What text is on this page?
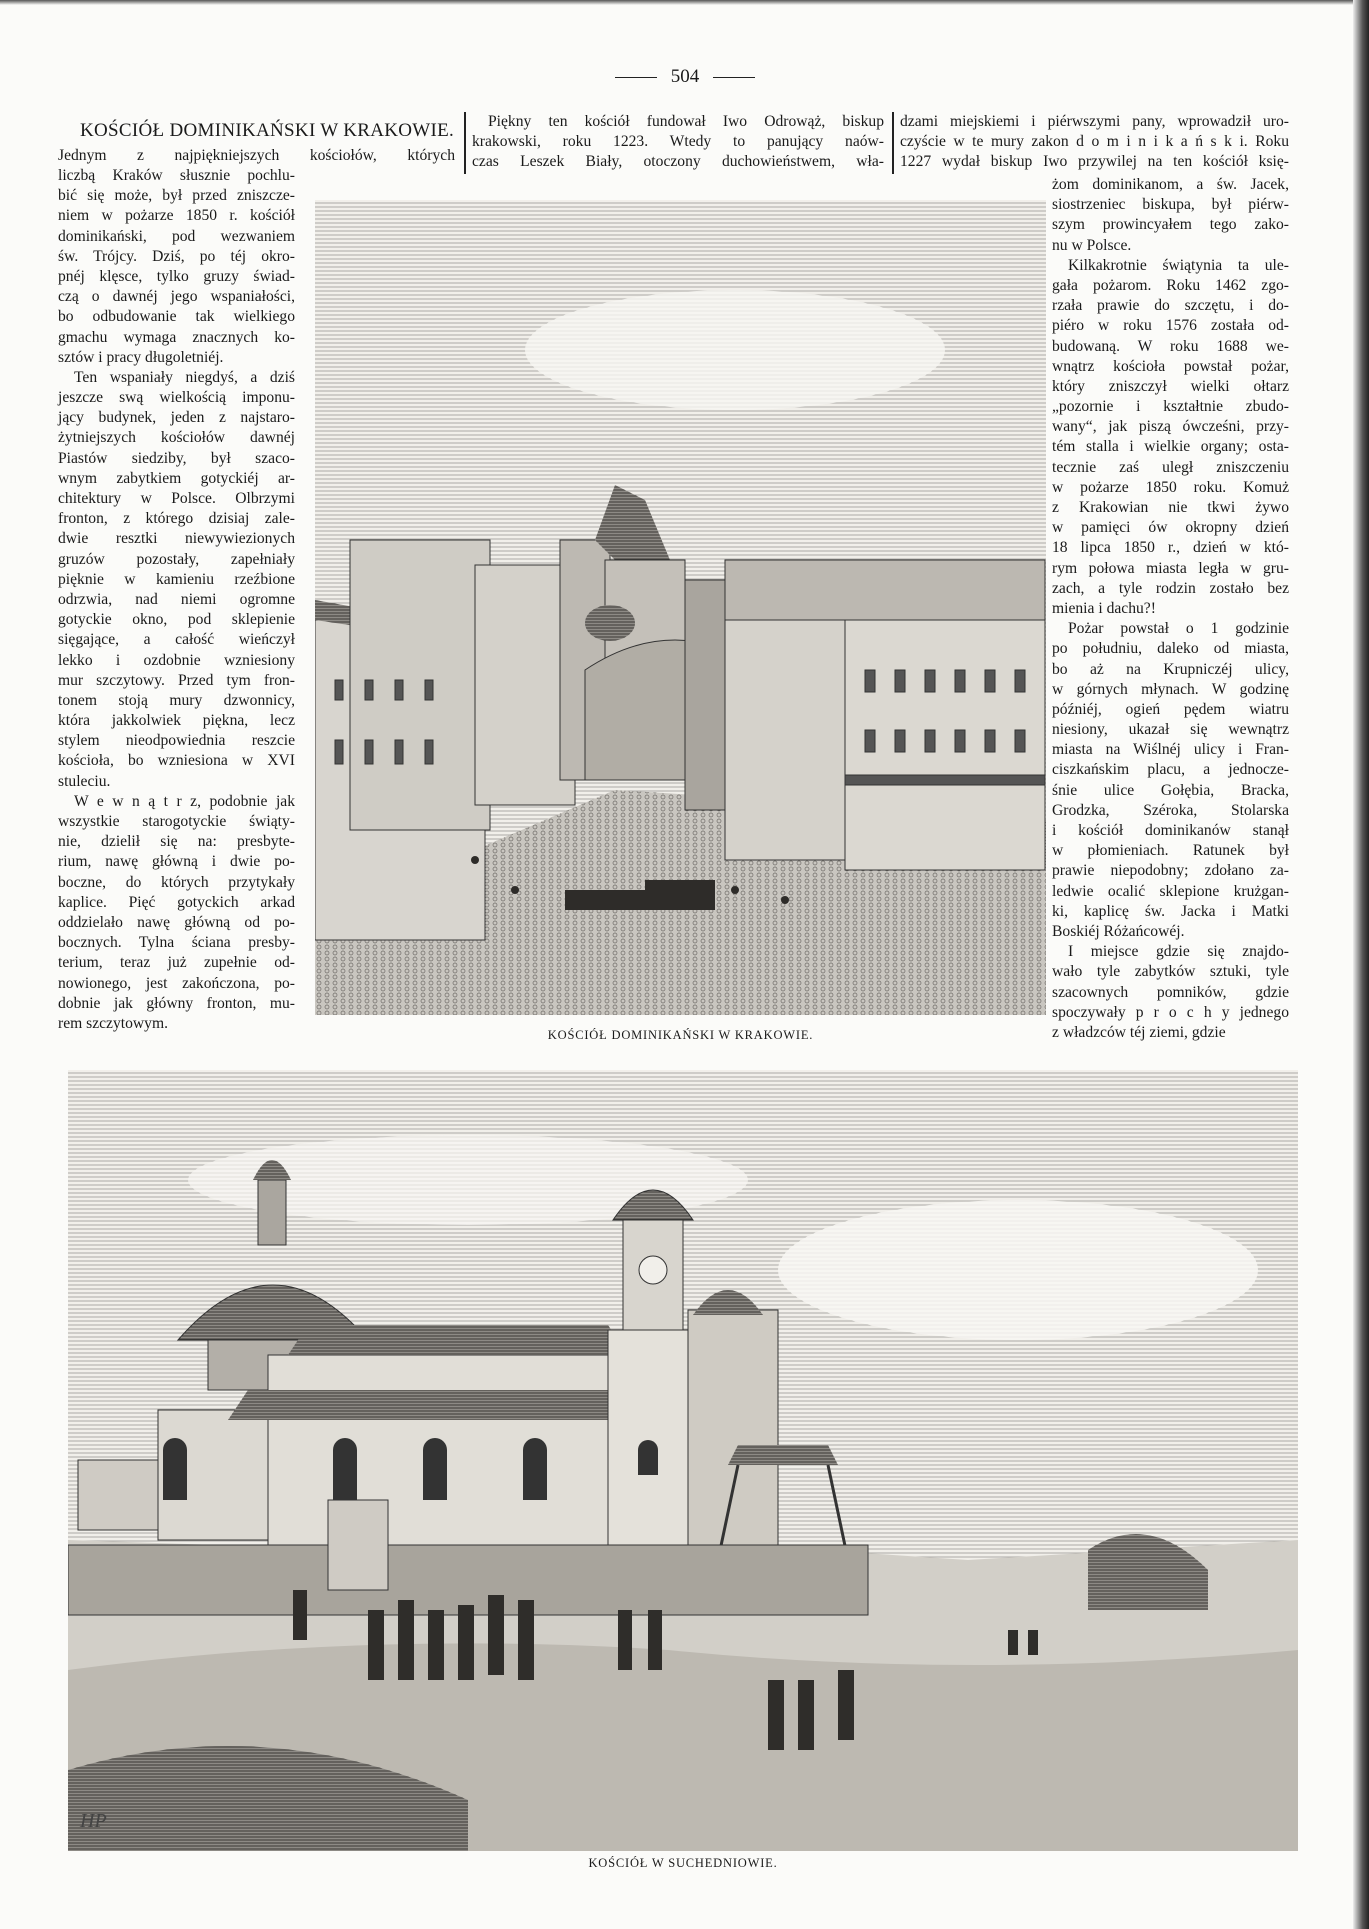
504
KOŚCIÓŁ DOMINIKAŃSKI W KRAKOWIE.
Jednym z najpiękniejszych kościołów, których
Piękny ten kościół fundował Iwo Odrowąż, biskup
krakowski, roku 1223. Wtedy to panujący naów-
czas Leszek Biały, otoczony duchowieństwem, wła-
dzami miejskiemi i piérwszymi pany, wprowadził uro-
czyście w te mury zakon d o m i n i k a ń s k i. Roku
1227 wydał biskup Iwo przywilej na ten kościół księ-
liczbą Kraków słusznie pochlu-
bić się może, był przed zniszcze-
niem w pożarze 1850 r. kościół
dominikański, pod wezwaniem
św. Trójcy. Dziś, po téj okro-
pnéj klęsce, tylko gruzy świad-
czą o dawnéj jego wspaniałości,
bo odbudowanie tak wielkiego
gmachu wymaga znacznych ko-
sztów i pracy długoletniéj.
Ten wspaniały niegdyś, a dziś
jeszcze swą wielkością imponu-
jący budynek, jeden z najstaro-
żytniejszych kościołów dawnéj
Piastów siedziby, był szaco-
wnym zabytkiem gotyckiéj ar-
chitektury w Polsce. Olbrzymi
fronton, z którego dzisiaj zale-
dwie resztki niewywiezionych
gruzów pozostały, zapełniały
pięknie w kamieniu rzeźbione
odrzwia, nad niemi ogromne
gotyckie okno, pod sklepienie
sięgające, a całość wieńczył
lekko i ozdobnie wzniesiony
mur szczytowy. Przed tym fron-
tonem stoją mury dzwonnicy,
która jakkolwiek piękna, lecz
stylem nieodpowiednia reszcie
kościoła, bo wzniesiona w XVI
stuleciu.
W e w n ą t r z, podobnie jak
wszystkie starogotyckie świąty-
nie, dzielił się na: presbyte-
rium, nawę główną i dwie po-
boczne, do których przytykały
kaplice. Pięć gotyckich arkad
oddzielało nawę główną od po-
bocznych. Tylna ściana presby-
terium, teraz już zupełnie od-
nowionego, jest zakończona, po-
dobnie jak główny fronton, mu-
rem szczytowym.
żom dominikanom, a św. Jacek,
siostrzeniec biskupa, był piérw-
szym prowincyałem tego zako-
nu w Polsce.
Kilkakrotnie świątynia ta ule-
gała pożarom. Roku 1462 zgo-
rzała prawie do szczętu, i do-
piéro w roku 1576 została od-
budowaną. W roku 1688 we-
wnątrz kościoła powstał pożar,
który zniszczył wielki ołtarz
„pozornie i kształtnie zbudo-
wany“, jak piszą ówcześni, przy-
tém stalla i wielkie organy; osta-
tecznie zaś uległ zniszczeniu
w pożarze 1850 roku. Komuż
z Krakowian nie tkwi żywo
w pamięci ów okropny dzień
18 lipca 1850 r., dzień w któ-
rym połowa miasta legła w gru-
zach, a tyle rodzin zostało bez
mienia i dachu?!
Pożar powstał o 1 godzinie
po południu, daleko od miasta,
bo aż na Krupniczéj ulicy,
w górnych młynach. W godzinę
późniéj, ogień pędem wiatru
niesiony, ukazał się wewnątrz
miasta na Wiślnéj ulicy i Fran-
ciszkańskim placu, a jednocze-
śnie ulice Gołębia, Bracka,
Grodzka, Széroka, Stolarska
i kościół dominikanów stanął
w płomieniach. Ratunek był
prawie niepodobny; zdołano za-
ledwie ocalić sklepione krużgan-
ki, kaplicę św. Jacka i Matki
Boskiéj Różańcowéj.
I miejsce gdzie się znajdo-
wało tyle zabytków sztuki, tyle
szacownych pomników, gdzie
spoczywały p r o c h y jednego
z władzców téj ziemi, gdzie
KOŚCIÓŁ DOMINIKAŃSKI W KRAKOWIE.
HP
KOŚCIÓŁ W SUCHEDNIOWIE.
